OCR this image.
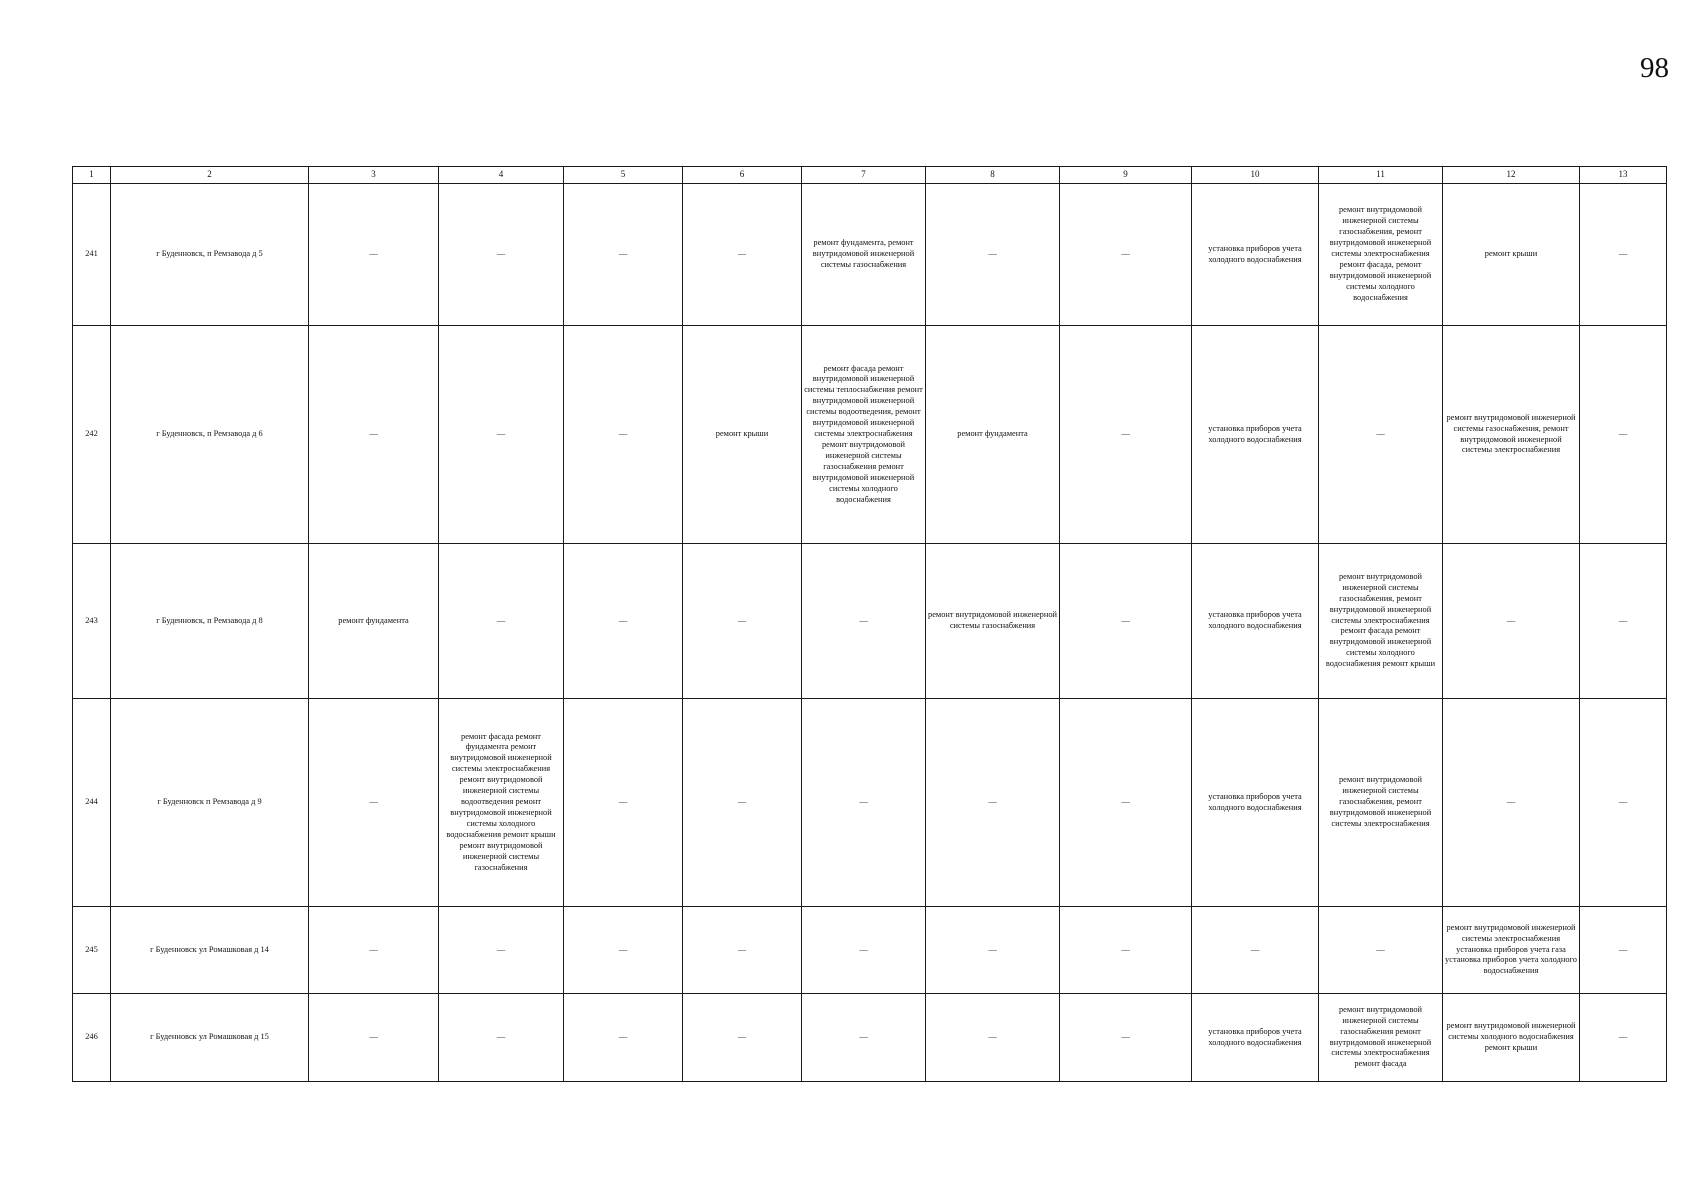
98
1	2	3	4	5	6	7	8	9	10	11	12	13
241	г Буденновск, п Ремзавода д 5	—	—	—	—	ремонт фундамента, ремонт внутридомовой инженерной системы газоснабжения	—	—	установка приборов учета холодного водоснабжения	ремонт внутридомовой инженерной системы газоснабжения, ремонт внутридомовой инженерной системы электроснабжения ремонт фасада, ремонт внутридомовой инженерной системы холодного водоснабжения	ремонт крыши	—
242	г Буденновск, п Ремзавода д 6	—	—	—	ремонт крыши	ремонт фасада ремонт внутридомовой инженерной системы теплоснабжения ремонт внутридомовой инженерной системы водоотведения, ремонт внутридомовой инженерной системы электроснабжения ремонт внутридомовой инженерной системы газоснабжения ремонт внутридомовой инженерной системы холодного водоснабжения	ремонт фундамента	—	установка приборов учета холодного водоснабжения	—	ремонт внутридомовой инженерной системы газоснабжения, ремонт внутридомовой инженерной системы электроснабжения	—
243	г Буденновск, п Ремзавода д 8	ремонт фундамента	—	—	—	—	ремонт внутридомовой инженерной системы газоснабжения	—	установка приборов учета холодного водоснабжения	ремонт внутридомовой инженерной системы газоснабжения, ремонт внутридомовой инженерной системы электроснабжения ремонт фасада ремонт внутридомовой инженерной системы холодного водоснабжения ремонт крыши	—	—
244	г Буденновск п Ремзавода д 9	—	ремонт фасада ремонт фундамента ремонт внутридомовой инженерной системы электроснабжения ремонт внутридомовой инженерной системы водоотведения ремонт внутридомовой инженерной системы холодного водоснабжения ремонт крыши ремонт внутридомовой инженерной системы газоснабжения	—	—	—	—	—	установка приборов учета холодного водоснабжения	ремонт внутридомовой инженерной системы газоснабжения, ремонт внутридомовой инженерной системы электроснабжения	—	—
245	г Буденновск ул Ромашковая д 14	—	—	—	—	—	—	—	—	—	ремонт внутридомовой инженерной системы электроснабжения установка приборов учета газа установка приборов учета холодного водоснабжения	—
246	г Буденновск ул Ромашковая д 15	—	—	—	—	—	—	—	установка приборов учета холодного водоснабжения	ремонт внутридомовой инженерной системы газоснабжения ремонт внутридомовой инженерной системы электроснабжения ремонт фасада	ремонт внутридомовой инженерной системы холодного водоснабжения ремонт крыши	—
